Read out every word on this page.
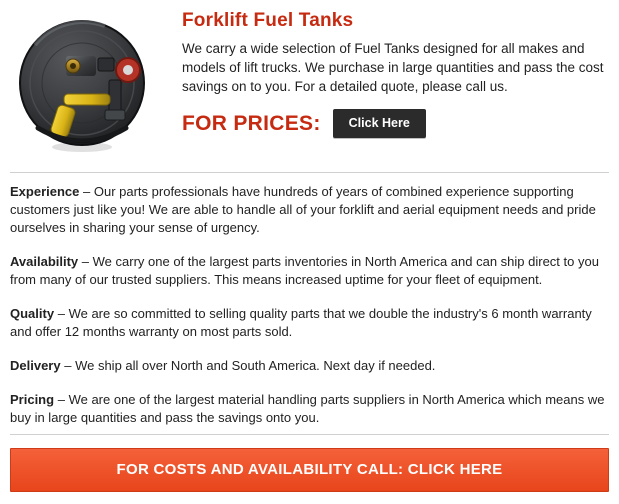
Forklift Fuel Tanks

We carry a wide selection of Fuel Tanks designed for all makes and models of lift trucks. We purchase in large quantities and pass the cost savings on to you. For a detailed quote, please call us.

FOR PRICES:	Click Here

Experience – Our parts professionals have hundreds of years of combined experience supporting customers just like you! We are able to handle all of your forklift and aerial equipment needs and pride ourselves in sharing your sense of urgency.

Availability – We carry one of the largest parts inventories in North America and can ship direct to you from many of our trusted suppliers. This means increased uptime for your fleet of equipment.

Quality – We are so committed to selling quality parts that we double the industry's 6 month warranty and offer 12 months warranty on most parts sold.

Delivery – We ship all over North and South America. Next day if needed.

Pricing – We are one of the largest material handling parts suppliers in North America which means we buy in large quantities and pass the savings onto you.

FOR COSTS AND AVAILABILITY CALL: CLICK HERE
